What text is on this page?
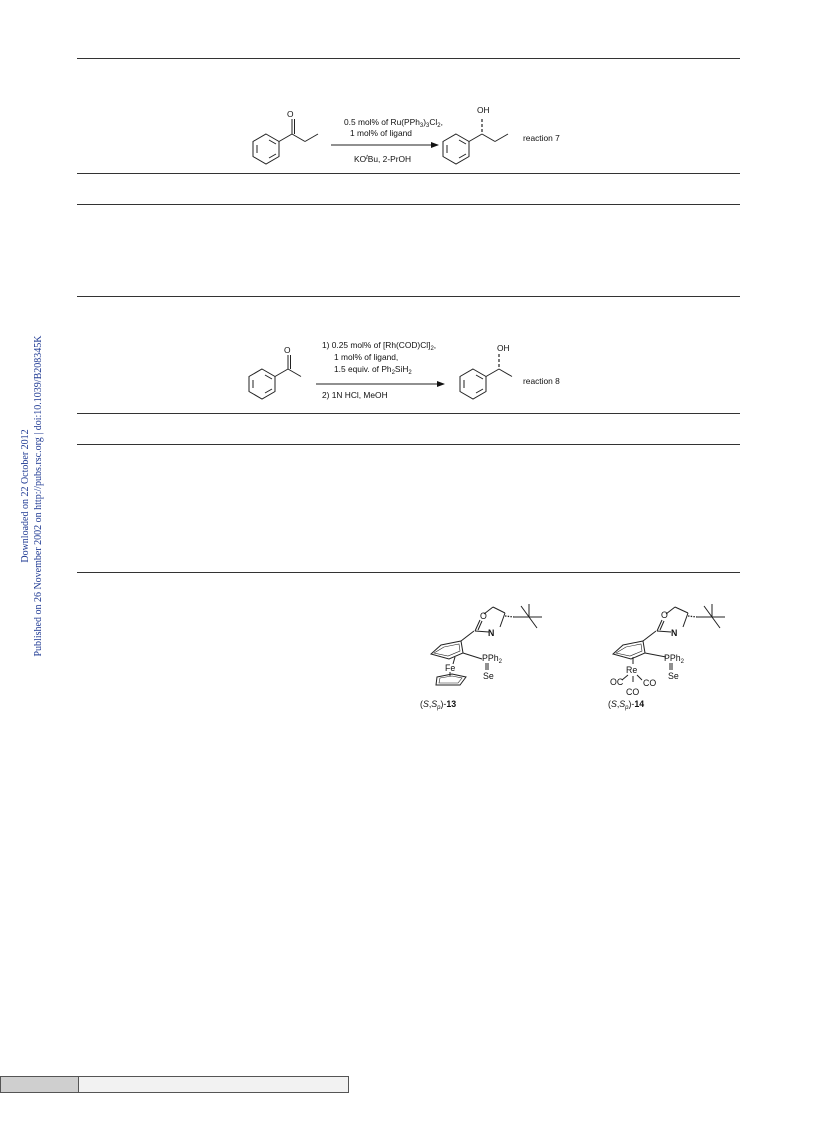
Downloaded on 22 October 2012 Published on 26 November 2002 on http://pubs.rsc.org | doi:10.1039/B208345K
O	OH
0.5 mol% of $Ru(PPh_3)_3Cl_2$,
1 mol% of ligand
$KO^tBu$, 2-PrOH
reaction 7
O	OH
1) 0.25 mol% of $[Rh(COD)Cl]_2$,
1 mol% of ligand,
1.5 equiv. of $Ph_2SiH_2$
2) 1N HCl, MeOH
reaction 8
O
N
Fe
PPh$_2$
Se
$(S,S_p)-13$
O
N
Re
PPh$_2$
Se
OC CO
CO
$(S,S_p)-14$
